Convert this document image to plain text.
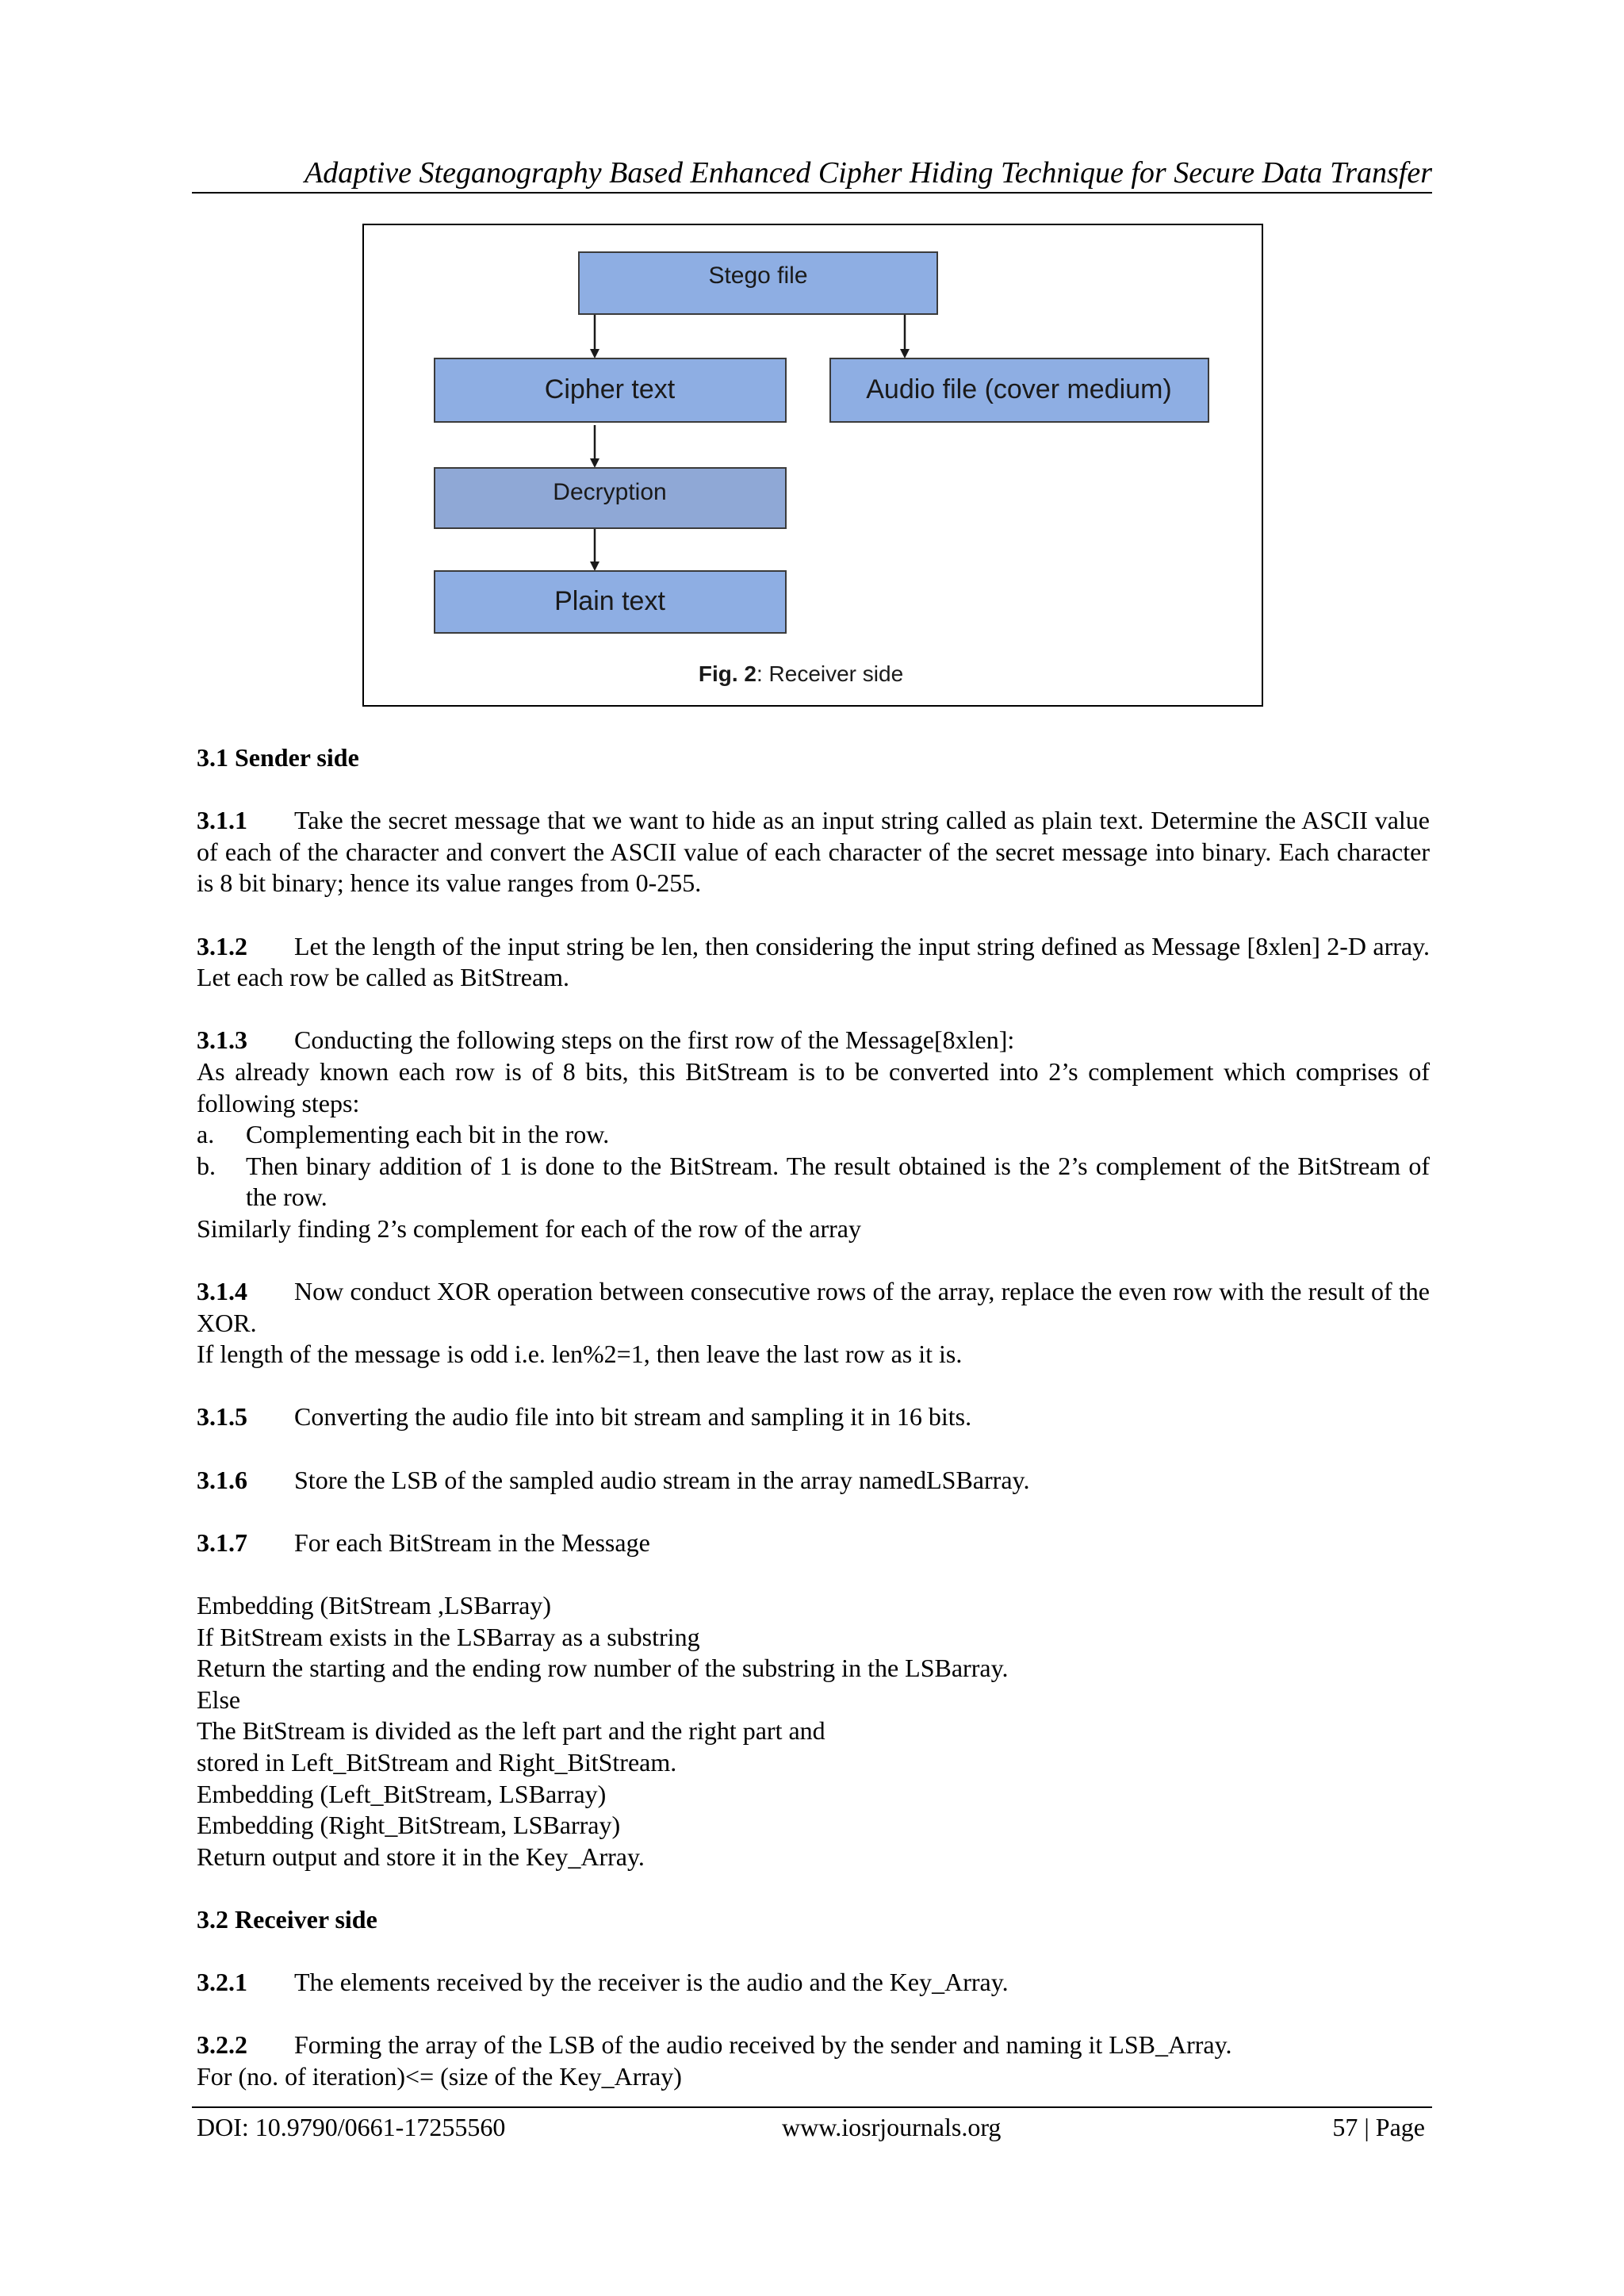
Adaptive Steganography Based Enhanced Cipher Hiding Technique for Secure Data Transfer
Stego file
Cipher text	Audio file (cover medium)
Decryption
Plain text
Fig. 2: Receiver side

3.1 Sender side

3.1.1 Take the secret message that we want to hide as an input string called as plain text. Determine the ASCII value of each of the character and convert the ASCII value of each character of the secret message into binary. Each character is 8 bit binary; hence its value ranges from 0-255.

3.1.2 Let the length of the input string be len, then considering the input string defined as Message [8xlen] 2-D array. Let each row be called as BitStream.

3.1.3 Conducting the following steps on the first row of the Message[8xlen]:

As already known each row is of 8 bits, this BitStream is to be converted into 2’s complement which comprises of following steps:

a.	Complementing each bit in the row.
b.	Then binary addition of 1 is done to the BitStream. The result obtained is the 2’s complement of the BitStream of the row.

Similarly finding 2’s complement for each of the row of the array

3.1.4 Now conduct XOR operation between consecutive rows of the array, replace the even row with the result of the XOR.

If length of the message is odd i.e. len%2=1, then leave the last row as it is.

3.1.5 Converting the audio file into bit stream and sampling it in 16 bits.

3.1.6 Store the LSB of the sampled audio stream in the array namedLSBarray.

3.1.7 For each BitStream in the Message

Embedding (BitStream ,LSBarray)

If BitStream exists in the LSBarray as a substring

Return the starting and the ending row number of the substring in the LSBarray.

Else

The BitStream is divided as the left part and the right part and

stored in Left_BitStream and Right_BitStream.

Embedding (Left_BitStream, LSBarray)

Embedding (Right_BitStream, LSBarray)

Return output and store it in the Key_Array.

3.2 Receiver side

3.2.1 The elements received by the receiver is the audio and the Key_Array.

3.2.2 Forming the array of the LSB of the audio received by the sender and naming it LSB_Array.

For (no. of iteration)<= (size of the Key_Array)

DOI: 10.9790/0661-17255560	www.iosrjournals.org	57 | Page
